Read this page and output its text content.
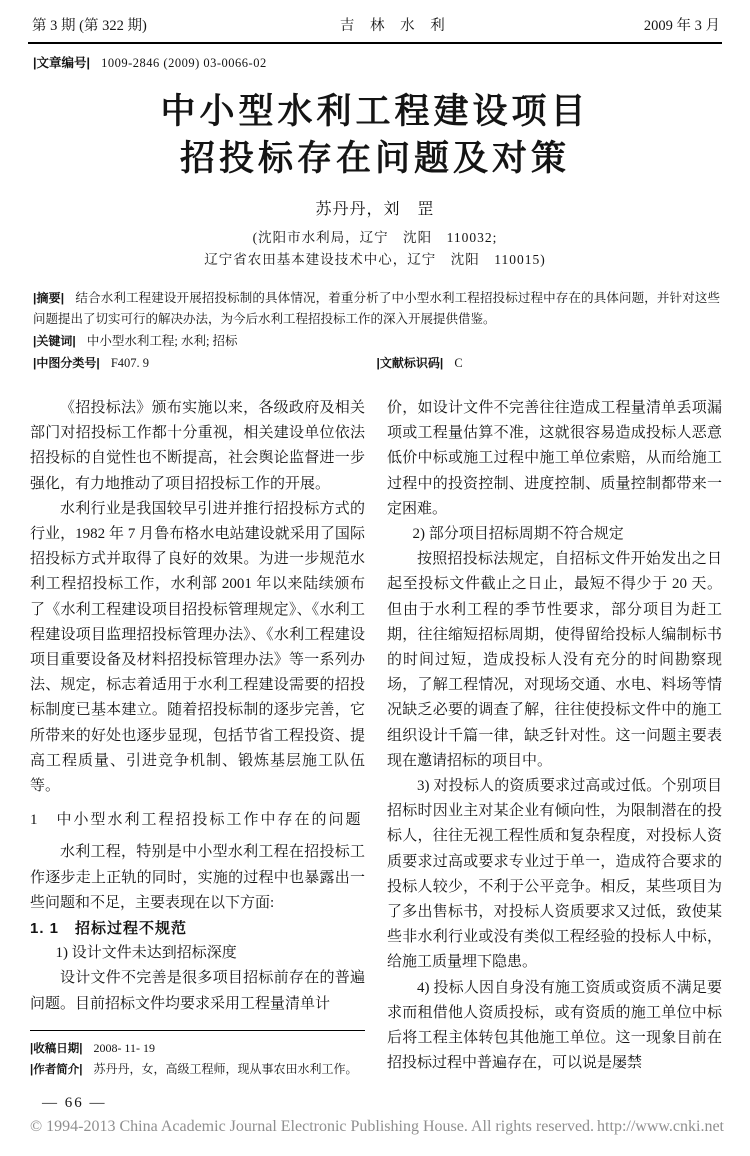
第 3 期 (第 322 期)	吉 林 水 利	2009 年 3 月
|文章编号| 1009-2846 (2009) 03-0066-02
中小型水利工程建设项目
招投标存在问题及对策
苏丹丹，刘　罡
(沈阳市水利局，辽宁　沈阳　110032;
辽宁省农田基本建设技术中心，辽宁　沈阳　110015)
|摘要| 结合水利工程建设开展招投标制的具体情况，着重分析了中小型水利工程招投标过程中存在的具体问题，并针对这些问题提出了切实可行的解决办法，为今后水利工程招投标工作的深入开展提供借鉴。
|关键词| 中小型水利工程; 水利; 招标
|中图分类号| F407. 9	|文献标识码| C

《招投标法》颁布实施以来，各级政府及相关部门对招投标工作都十分重视，相关建设单位依法招投标的自觉性也不断提高，社会舆论监督进一步强化，有力地推动了项目招投标工作的开展。

水利行业是我国较早引进并推行招投标方式的行业，1982 年 7 月鲁布格水电站建设就采用了国际招投标方式并取得了良好的效果。为进一步规范水利工程招投标工作，水利部 2001 年以来陆续颁布了《水利工程建设项目招投标管理规定》、《水利工程建设项目监理招投标管理办法》、《水利工程建设项目重要设备及材料招投标管理办法》等一系列办法、规定，标志着适用于水利工程建设需要的招投标制度已基本建立。随着招投标制的逐步完善，它所带来的好处也逐步显现，包括节省工程投资、提高工程质量、引进竞争机制、锻炼基层施工队伍等。

1　中小型水利工程招投标工作中存在的问题

水利工程，特别是中小型水利工程在招投标工作逐步走上正轨的同时，实施的过程中也暴露出一些问题和不足，主要表现在以下方面:

1. 1　招标过程不规范

1) 设计文件未达到招标深度

设计文件不完善是很多项目招标前存在的普遍问题。目前招标文件均要求采用工程量清单计

|收稿日期| 2008- 11- 19
|作者简介| 苏丹丹，女，高级工程师，现从事农田水利工作。

价，如设计文件不完善往往造成工程量清单丢项漏项或工程量估算不准，这就很容易造成投标人恶意低价中标或施工过程中施工单位索赔，从而给施工过程中的投资控制、进度控制、质量控制都带来一定困难。

2) 部分项目招标周期不符合规定

按照招投标法规定，自招标文件开始发出之日起至投标文件截止之日止，最短不得少于 20 天。但由于水利工程的季节性要求，部分项目为赶工期，往往缩短招标周期，使得留给投标人编制标书的时间过短，造成投标人没有充分的时间勘察现场，了解工程情况，对现场交通、水电、料场等情况缺乏必要的调查了解，往往使投标文件中的施工组织设计千篇一律，缺乏针对性。这一问题主要表现在邀请招标的项目中。

3) 对投标人的资质要求过高或过低。个别项目招标时因业主对某企业有倾向性，为限制潜在的投标人，往往无视工程性质和复杂程度，对投标人资质要求过高或要求专业过于单一，造成符合要求的投标人较少，不利于公平竞争。相反，某些项目为了多出售标书，对投标人资质要求又过低，致使某些非水利行业或没有类似工程经验的投标人中标，给施工质量埋下隐患。

4) 投标人因自身没有施工资质或资质不满足要求而租借他人资质投标，或有资质的施工单位中标后将工程主体转包其他施工单位。这一现象目前在招投标过程中普遍存在，可以说是屡禁

— 66 —
© 1994-2013 China Academic Journal Electronic Publishing House. All rights reserved. http://www.cnki.net
